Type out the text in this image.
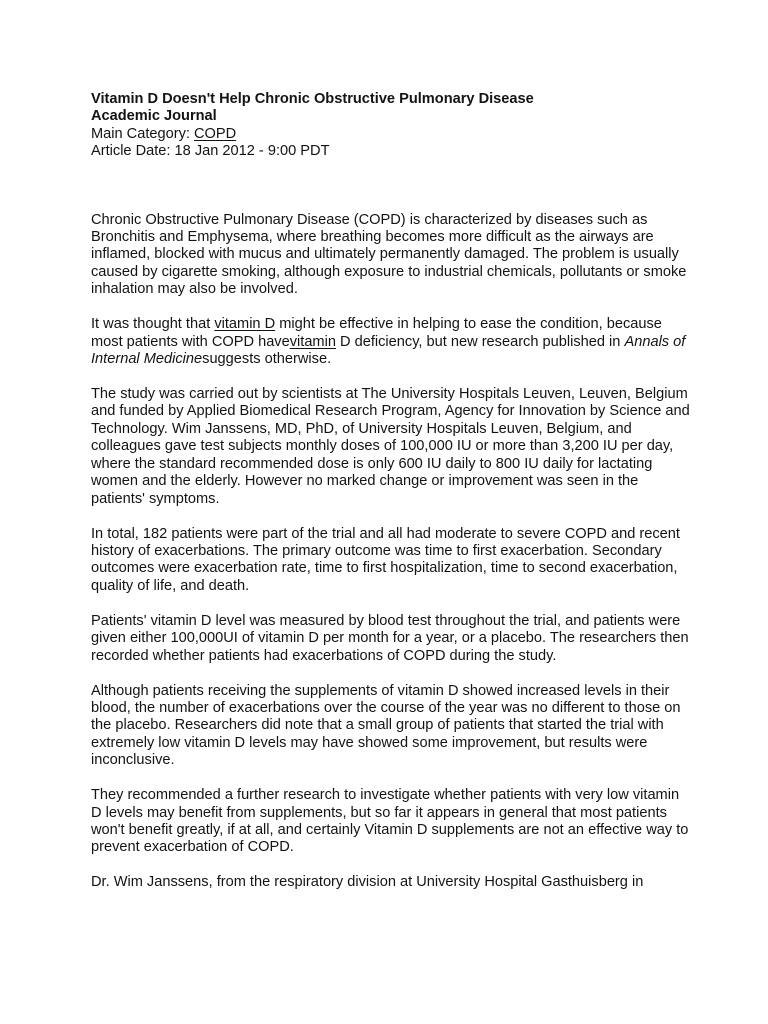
Vitamin D Doesn't Help Chronic Obstructive Pulmonary Disease

Academic Journal

Main Category: COPD

Article Date: 18 Jan 2012 - 9:00 PDT

Chronic Obstructive Pulmonary Disease (COPD) is characterized by diseases such as Bronchitis and Emphysema, where breathing becomes more difficult as the airways are inflamed, blocked with mucus and ultimately permanently damaged. The problem is usually caused by cigarette smoking, although exposure to industrial chemicals, pollutants or smoke inhalation may also be involved.

It was thought that vitamin D might be effective in helping to ease the condition, because most patients with COPD havevitamin D deficiency, but new research published in Annals of Internal Medicinesuggests otherwise.

The study was carried out by scientists at The University Hospitals Leuven, Leuven, Belgium and funded by Applied Biomedical Research Program, Agency for Innovation by Science and Technology. Wim Janssens, MD, PhD, of University Hospitals Leuven, Belgium, and colleagues gave test subjects monthly doses of 100,000 IU or more than 3,200 IU per day, where the standard recommended dose is only 600 IU daily to 800 IU daily for lactating women and the elderly. However no marked change or improvement was seen in the patients' symptoms.

In total, 182 patients were part of the trial and all had moderate to severe COPD and recent history of exacerbations. The primary outcome was time to first exacerbation. Secondary outcomes were exacerbation rate, time to first hospitalization, time to second exacerbation, quality of life, and death.

Patients' vitamin D level was measured by blood test throughout the trial, and patients were given either 100,000UI of vitamin D per month for a year, or a placebo. The researchers then recorded whether patients had exacerbations of COPD during the study.

Although patients receiving the supplements of vitamin D showed increased levels in their blood, the number of exacerbations over the course of the year was no different to those on the placebo. Researchers did note that a small group of patients that started the trial with extremely low vitamin D levels may have showed some improvement, but results were inconclusive.

They recommended a further research to investigate whether patients with very low vitamin D levels may benefit from supplements, but so far it appears in general that most patients won't benefit greatly, if at all, and certainly Vitamin D supplements are not an effective way to prevent exacerbation of COPD.

Dr. Wim Janssens, from the respiratory division at University Hospital Gasthuisberg in
